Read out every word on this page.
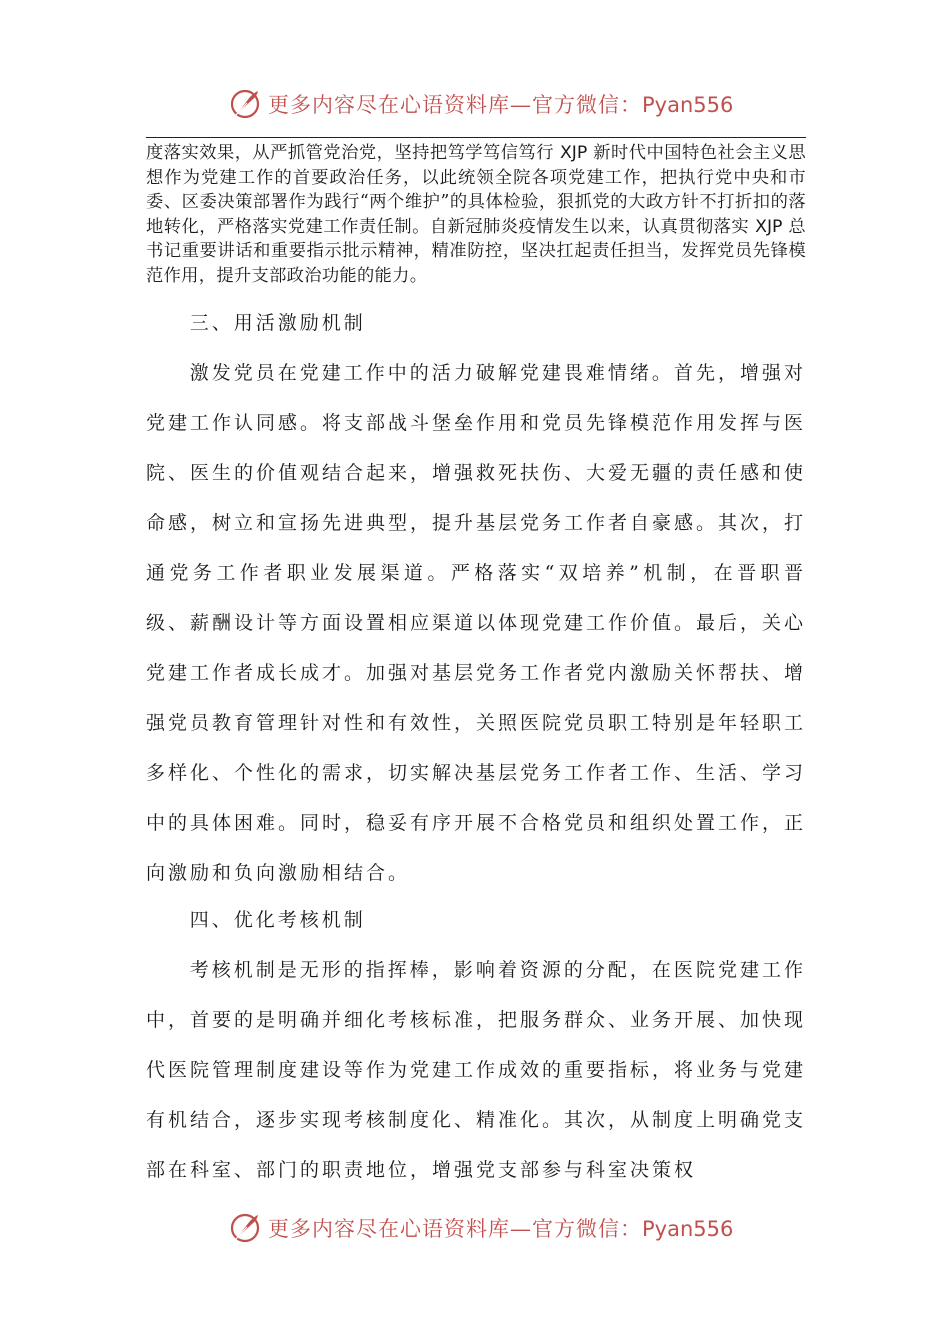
更多内容尽在心语资料库—官方微信：Pyan556

度落实效果，从严抓管党治党，坚持把笃学笃信笃行 XJP 新时代中国特色社会主义思想作为党建工作的首要政治任务，以此统领全院各项党建工作，把执行党中央和市委、区委决策部署作为践行“两个维护”的具体检验，狠抓党的大政方针不打折扣的落地转化，严格落实党建工作责任制。自新冠肺炎疫情发生以来，认真贯彻落实 XJP 总书记重要讲话和重要指示批示精神，精准防控，坚决扛起责任担当，发挥党员先锋模范作用，提升支部政治功能的能力。

三、用活激励机制

激发党员在党建工作中的活力破解党建畏难情绪。首先，增强对党建工作认同感。将支部战斗堡垒作用和党员先锋模范作用发挥与医院、医生的价值观结合起来，增强救死扶伤、大爱无疆的责任感和使命感，树立和宣扬先进典型，提升基层党务工作者自豪感。其次，打通党务工作者职业发展渠道。严格落实“双培养”机制，在晋职晋级、薪酬设计等方面设置相应渠道以体现党建工作价值。最后，关心党建工作者成长成才。加强对基层党务工作者党内激励关怀帮扶、增强党员教育管理针对性和有效性，关照医院党员职工特别是年轻职工多样化、个性化的需求，切实解决基层党务工作者工作、生活、学习中的具体困难。同时，稳妥有序开展不合格党员和组织处置工作，正向激励和负向激励相结合。

四、优化考核机制

考核机制是无形的指挥棒，影响着资源的分配，在医院党建工作中，首要的是明确并细化考核标准，把服务群众、业务开展、加快现代医院管理制度建设等作为党建工作成效的重要指标，将业务与党建有机结合，逐步实现考核制度化、精准化。其次，从制度上明确党支部在科室、部门的职责地位，增强党支部参与科室决策权

更多内容尽在心语资料库—官方微信：Pyan556
